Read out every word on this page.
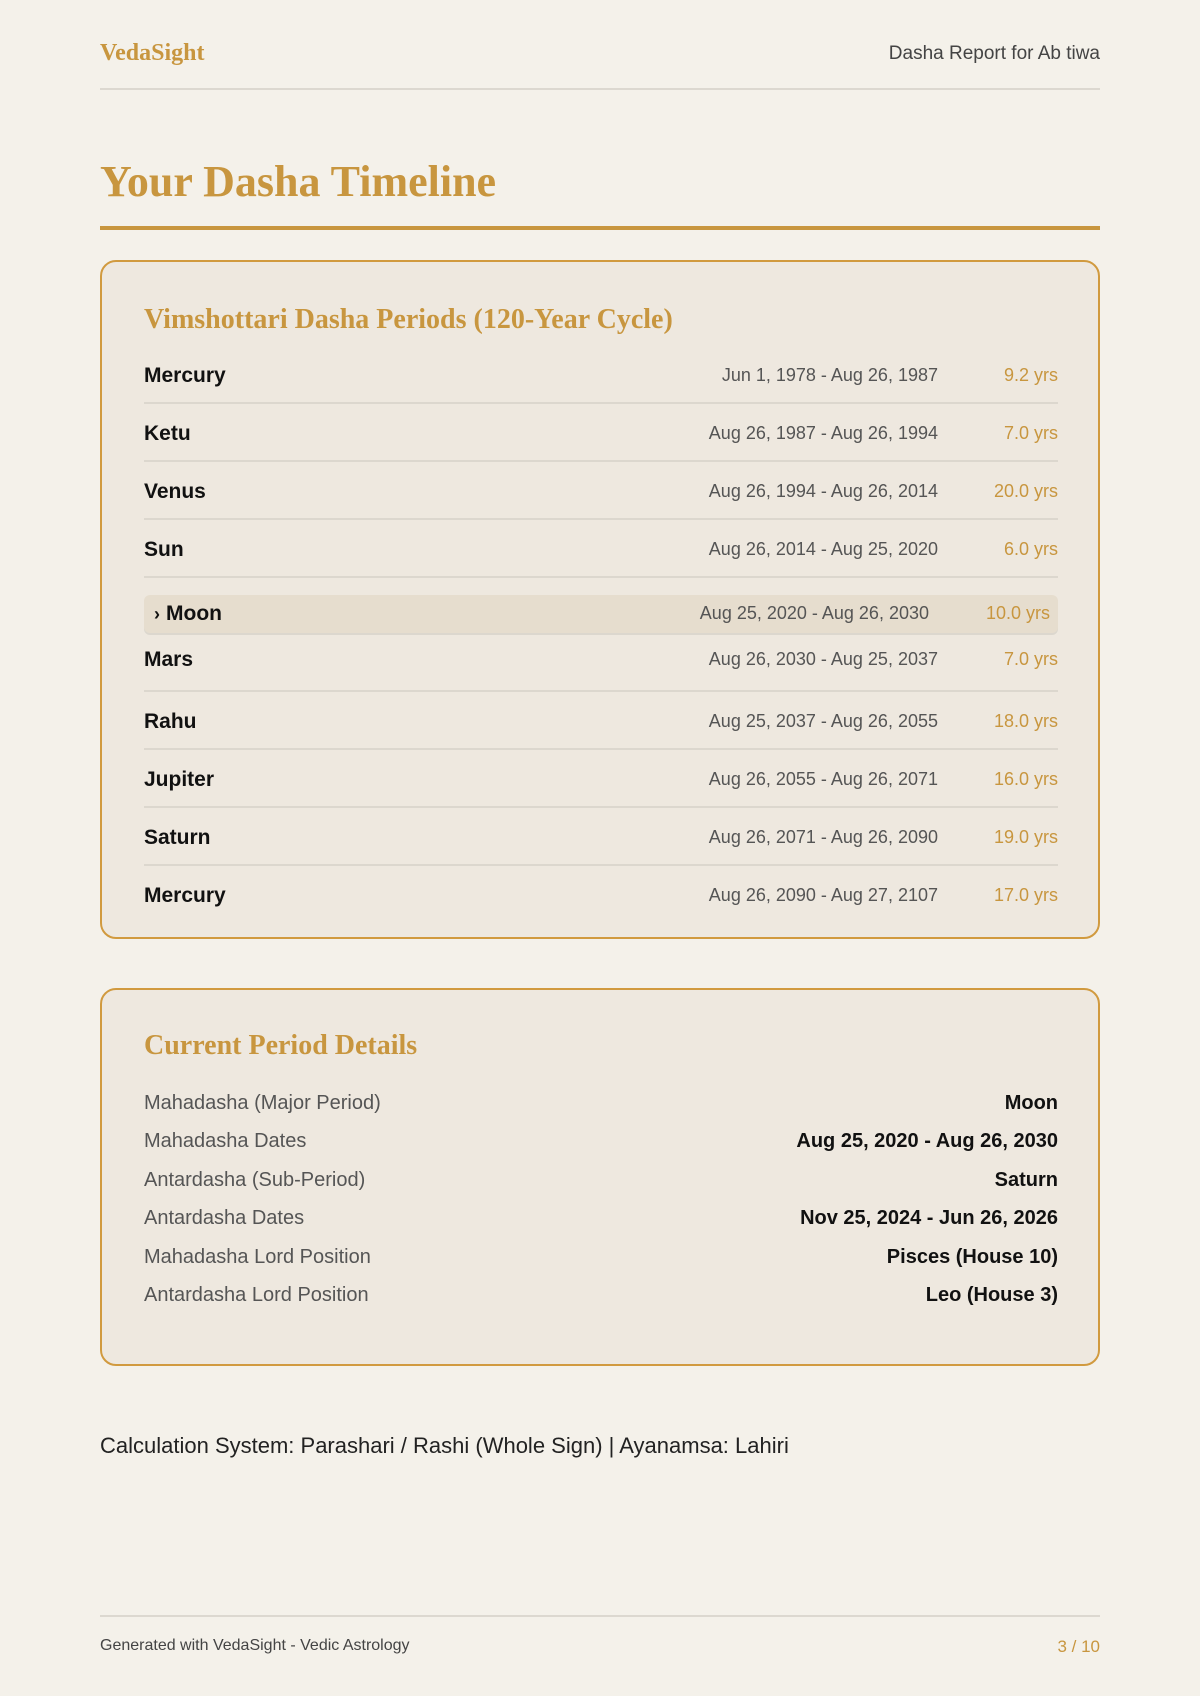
VedaSight	Dasha Report for Ab tiwa
Your Dasha Timeline
Vimshottari Dasha Periods (120-Year Cycle)
Mercury	Jun 1, 1978 - Aug 26, 1987	9.2 yrs
Ketu	Aug 26, 1987 - Aug 26, 1994	7.0 yrs
Venus	Aug 26, 1994 - Aug 26, 2014	20.0 yrs
Sun	Aug 26, 2014 - Aug 25, 2020	6.0 yrs
› Moon	Aug 25, 2020 - Aug 26, 2030	10.0 yrs
Mars	Aug 26, 2030 - Aug 25, 2037	7.0 yrs
Rahu	Aug 25, 2037 - Aug 26, 2055	18.0 yrs
Jupiter	Aug 26, 2055 - Aug 26, 2071	16.0 yrs
Saturn	Aug 26, 2071 - Aug 26, 2090	19.0 yrs
Mercury	Aug 26, 2090 - Aug 27, 2107	17.0 yrs
Current Period Details
Mahadasha (Major Period)	Moon
Mahadasha Dates	Aug 25, 2020 - Aug 26, 2030
Antardasha (Sub-Period)	Saturn
Antardasha Dates	Nov 25, 2024 - Jun 26, 2026
Mahadasha Lord Position	Pisces (House 10)
Antardasha Lord Position	Leo (House 3)
Calculation System: Parashari / Rashi (Whole Sign) | Ayanamsa: Lahiri
Generated with VedaSight - Vedic Astrology	3 / 10
